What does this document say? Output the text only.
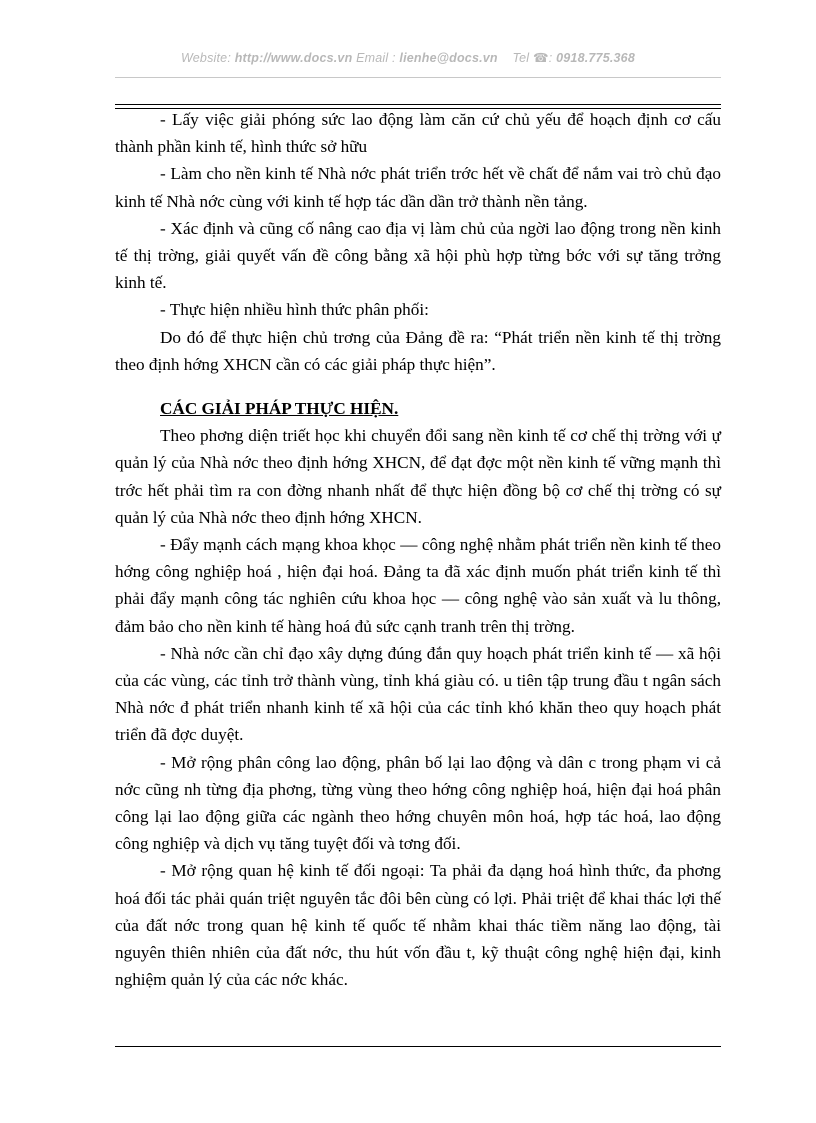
Website: http://www.docs.vn Email : lienhe@docs.vn Tel ☎: 0918.775.368

- Lấy việc giải phóng sức lao động làm căn cứ chủ yếu để hoạch định cơ cấu thành phần kinh tế, hình thức sở hữu

- Làm cho nền kinh tế Nhà nớc phát triển trớc hết về chất để nắm vai trò chủ đạo kinh tế Nhà nớc cùng với kinh tế hợp tác dần dần trở thành nền tảng.

- Xác định và cũng cố nâng cao địa vị làm chủ của ngời lao động trong nền kinh tế thị trờng, giải quyết vấn đề công bằng xã hội phù hợp từng bớc với sự tăng trởng kinh tế.

- Thực hiện nhiều hình thức phân phối:

Do đó để thực hiện chủ trơng của Đảng đề ra: “Phát triển nền kinh tế thị trờng theo định hớng XHCN cần có các giải pháp thực hiện”.

CÁC GIẢI PHÁP THỰC HIỆN.

Theo phơng diện triết học khi chuyển đổi sang nền kinh tế cơ chế thị trờng với ự quản lý của Nhà nớc theo định hớng XHCN, để đạt đợc một nền kinh tế vững mạnh thì trớc hết phải tìm ra con đờng nhanh nhất để thực hiện đồng bộ cơ chế thị trờng có sự quản lý của Nhà nớc theo định hớng XHCN.

- Đẩy mạnh cách mạng khoa khọc — công nghệ nhằm phát triển nền kinh tế theo hớng công nghiệp hoá , hiện đại hoá. Đảng ta đã xác định muốn phát triển kinh tế thì phải đẩy mạnh công tác nghiên cứu khoa học — công nghệ vào sản xuất và lu thông, đảm bảo cho nền kinh tế hàng hoá đủ sức cạnh tranh trên thị trờng.

- Nhà nớc cần chỉ đạo xây dựng đúng đắn quy hoạch phát triển kinh tế — xã hội của các vùng, các tỉnh trở thành vùng, tỉnh khá giàu có. u tiên tập trung đầu t ngân sách Nhà nớc đ phát triển nhanh kinh tế xã hội của các tỉnh khó khăn theo quy hoạch phát triển đã đợc duyệt.

- Mở rộng phân công lao động, phân bố lại lao động và dân c trong phạm vi cả nớc cũng nh từng địa phơng, từng vùng theo hớng công nghiệp hoá, hiện đại hoá phân công lại lao động giữa các ngành theo hớng chuyên môn hoá, hợp tác hoá, lao động công nghiệp và dịch vụ tăng tuyệt đối và tơng đối.

- Mở rộng quan hệ kinh tế đối ngoại: Ta phải đa dạng hoá hình thức, đa phơng hoá đối tác phải quán triệt nguyên tắc đôi bên cùng có lợi. Phải triệt để khai thác lợi thế của đất nớc trong quan hệ kinh tế quốc tế nhằm khai thác tiềm năng lao động, tài nguyên thiên nhiên của đất nớc, thu hút vốn đầu t, kỹ thuật công nghệ hiện đại, kinh nghiệm quản lý của các nớc khác.
